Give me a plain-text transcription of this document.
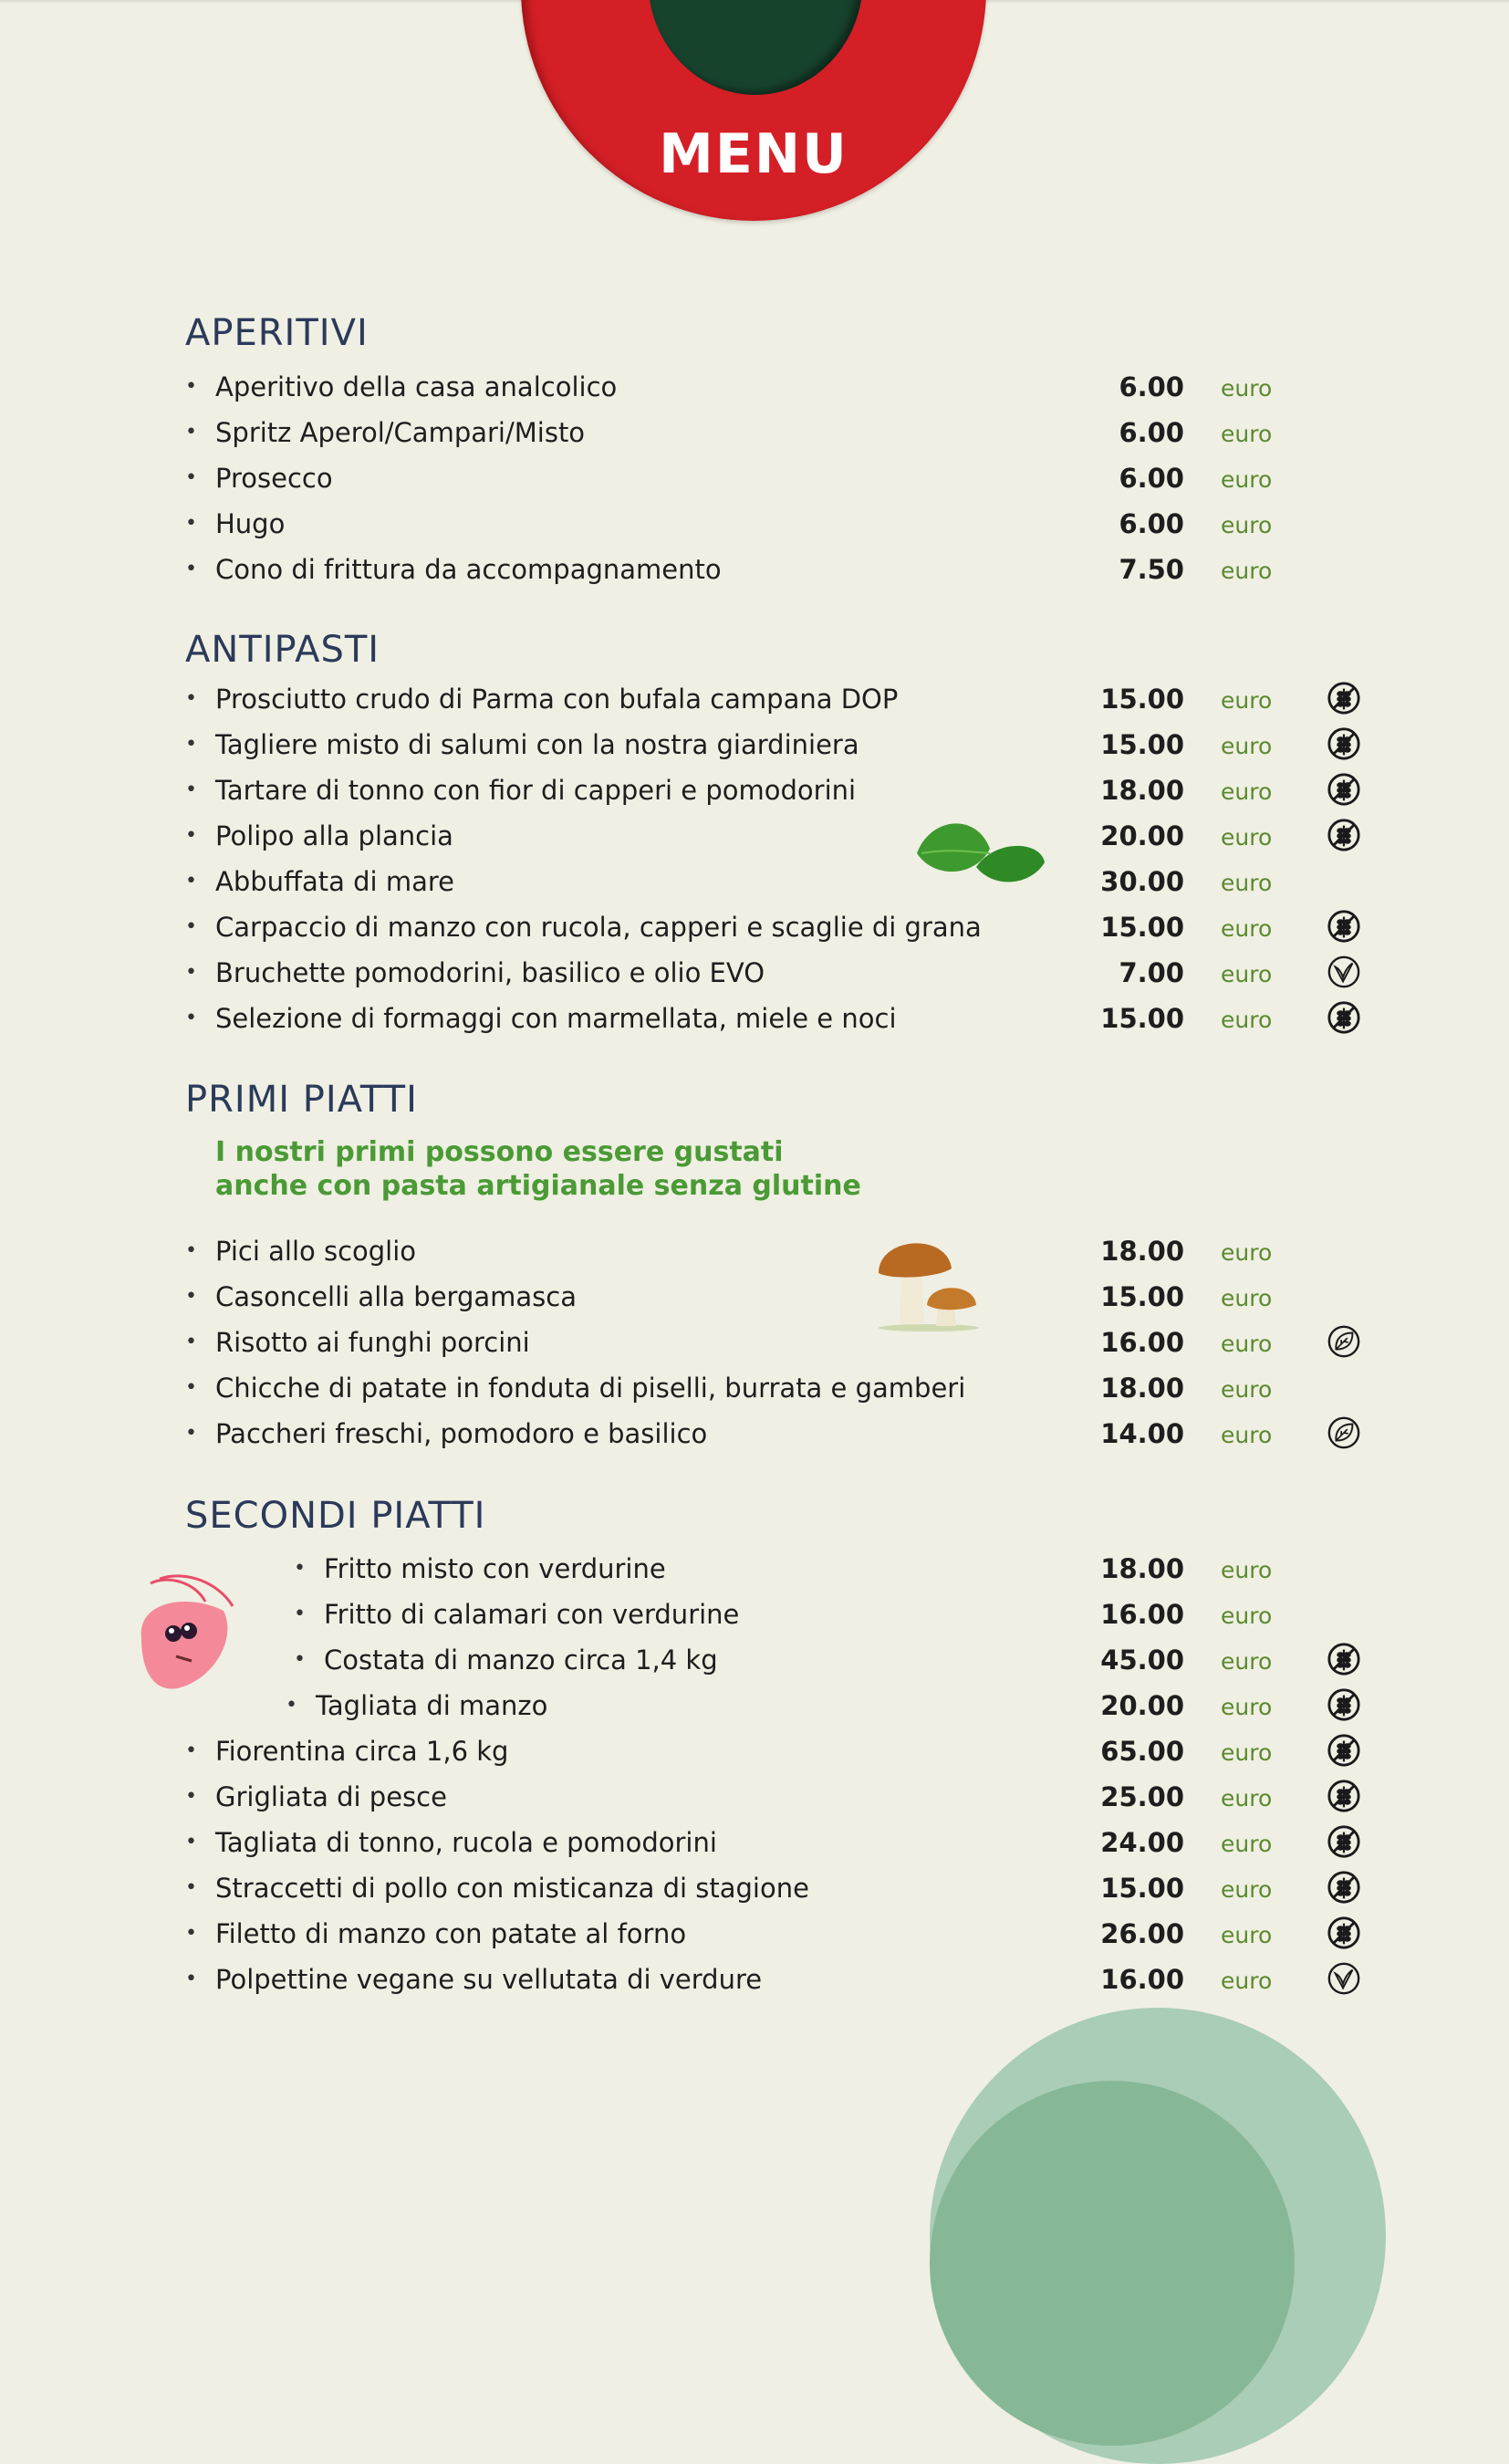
MENU
APERITIVI
• Aperitivo della casa analcolico	6.00 euro
• Spritz Aperol/Campari/Misto	6.00 euro
• Prosecco	6.00 euro
• Hugo	6.00 euro
• Cono di frittura da accompagnamento	7.50 euro
ANTIPASTI
• Prosciutto crudo di Parma con bufala campana DOP	15.00 euro
• Tagliere misto di salumi con la nostra giardiniera	15.00 euro
• Tartare di tonno con fior di capperi e pomodorini	18.00 euro
• Polipo alla plancia	20.00 euro
• Abbuffata di mare	30.00 euro
• Carpaccio di manzo con rucola, capperi e scaglie di grana	15.00 euro
• Bruchette pomodorini, basilico e olio EVO	7.00 euro
• Selezione di formaggi con marmellata, miele e noci	15.00 euro
PRIMI PIATTI
I nostri primi possono essere gustati
anche con pasta artigianale senza glutine
• Pici allo scoglio	18.00 euro
• Casoncelli alla bergamasca	15.00 euro
• Risotto ai funghi porcini	16.00 euro
• Chicche di patate in fonduta di piselli, burrata e gamberi	18.00 euro
• Paccheri freschi, pomodoro e basilico	14.00 euro
SECONDI PIATTI
• Fritto misto con verdurine	18.00 euro
• Fritto di calamari con verdurine	16.00 euro
• Costata di manzo circa 1,4 kg	45.00 euro
• Tagliata di manzo	20.00 euro
• Fiorentina circa 1,6 kg	65.00 euro
• Grigliata di pesce	25.00 euro
• Tagliata di tonno, rucola e pomodorini	24.00 euro
• Straccetti di pollo con misticanza di stagione	15.00 euro
• Filetto di manzo con patate al forno	26.00 euro
• Polpettine vegane su vellutata di verdure	16.00 euro
